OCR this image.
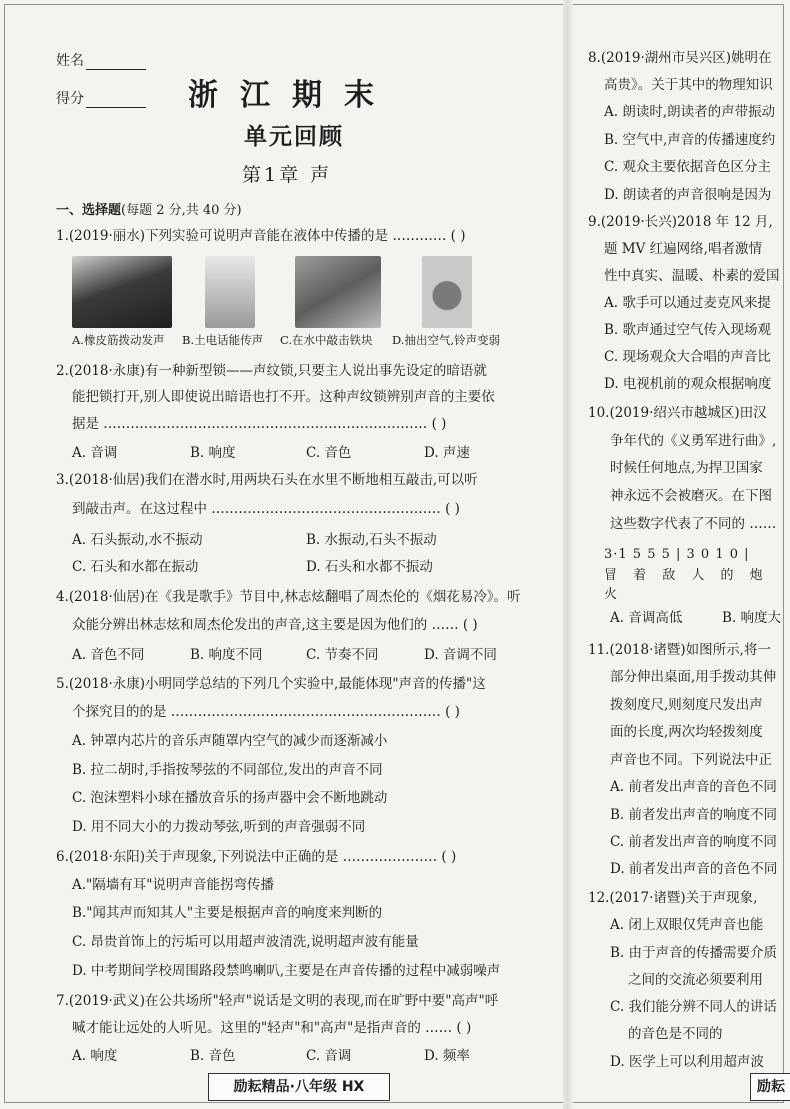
姓名
得分	浙江期末
单元回顾
第1章 声
一、选择题(每题 2 分,共 40 分)
1.(2019·丽水)下列实验可说明声音能在液体中传播的是 ………… ( )
A.橡皮筋拨动发声 B.土电话能传声 C.在水中敲击铁块 D.抽出空气,铃声变弱
2.(2018·永康)有一种新型锁——声纹锁,只要主人说出事先设定的暗语就
能把锁打开,别人即使说出暗语也打不开。这种声纹锁辨别声音的主要依
据是 ……………………………………………………………… ( )
A. 音调	B. 响度	C. 音色	D. 声速
3.(2018·仙居)我们在潜水时,用两块石头在水里不断地相互敲击,可以听
到敲击声。在这过程中 …………………………………………… ( )
A. 石头振动,水不振动	B. 水振动,石头不振动
C. 石头和水都在振动	D. 石头和水都不振动
4.(2018·仙居)在《我是歌手》节目中,林志炫翻唱了周杰伦的《烟花易冷》。听
众能分辨出林志炫和周杰伦发出的声音,这主要是因为他们的 …… ( )
A. 音色不同	B. 响度不同	C. 节奏不同	D. 音调不同
5.(2018·永康)小明同学总结的下列几个实验中,最能体现"声音的传播"这
个探究目的的是 …………………………………………………… ( )
A. 钟罩内芯片的音乐声随罩内空气的减少而逐渐减小
B. 拉二胡时,手指按琴弦的不同部位,发出的声音不同
C. 泡沫塑料小球在播放音乐的扬声器中会不断地跳动
D. 用不同大小的力拨动琴弦,听到的声音强弱不同
6.(2018·东阳)关于声现象,下列说法中正确的是 ………………… ( )
A."隔墙有耳"说明声音能拐弯传播
B."闻其声而知其人"主要是根据声音的响度来判断的
C. 昂贵首饰上的污垢可以用超声波清洗,说明超声波有能量
D. 中考期间学校周围路段禁鸣喇叭,主要是在声音传播的过程中减弱噪声
7.(2019·武义)在公共场所"轻声"说话是文明的表现,而在旷野中要"高声"呼
喊才能让远处的人听见。这里的"轻声"和"高声"是指声音的 …… ( )
A. 响度	B. 音色	C. 音调	D. 频率
8.(2019·湖州市吴兴区)姚明在
高贵》。关于其中的物理知识
A. 朗读时,朗读者的声带振动
B. 空气中,声音的传播速度约
C. 观众主要依据音色区分主
D. 朗读者的声音很响是因为
9.(2019·长兴)2018 年 12 月,
题 MV 红遍网络,唱者激情
性中真实、温暖、朴素的爱国
A. 歌手可以通过麦克风来提
B. 歌声通过空气传入现场观
C. 现场观众大合唱的声音比
D. 电视机前的观众根据响度
10.(2019·绍兴市越城区)田汉
争年代的《义勇军进行曲》,
时候任何地点,为捍卫国家
神永远不会被磨灭。在下图
这些数字代表了不同的 ……
3·1 5 5 5 | 3 0 1 0 |
冒 着 敌 人 的 炮 火
A. 音调高低	B. 响度大
11.(2018·诸暨)如图所示,将一
部分伸出桌面,用手拨动其伸
拨刻度尺,则刻度尺发出声
面的长度,两次均轻拨刻度
声音也不同。下列说法中正
A. 前者发出声音的音色不同
B. 前者发出声音的响度不同
C. 前者发出声音的响度不同
D. 前者发出声音的音色不同
12.(2017·诸暨)关于声现象,
A. 闭上双眼仅凭声音也能
B. 由于声音的传播需要介质
之间的交流必须要利用
C. 我们能分辨不同人的讲话
的音色是不同的
D. 医学上可以利用超声波
励耘精品·八年级 HX	励耘
